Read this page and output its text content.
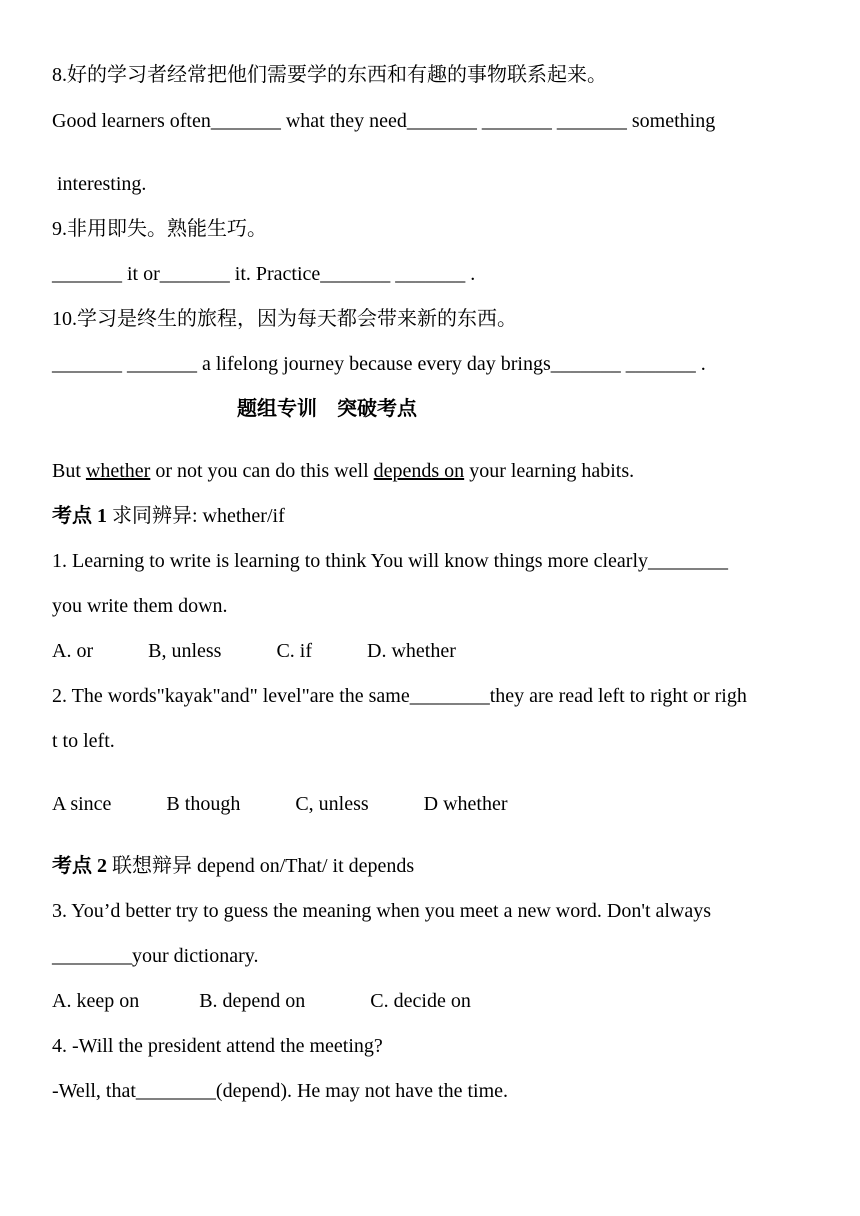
8.好的学习者经常把他们需要学的东西和有趣的事物联系起来。
Good learners often_______ what they need_______ _______ _______ something
interesting.
9.非用即失。熟能生巧。
_______ it or_______ it. Practice_______ _______ .
10.学习是终生的旅程，因为每天都会带来新的东西。
_______ _______ a lifelong journey because every day brings_______ _______ .
题组专训　突破考点
But whether or not you can do this well depends on your learning habits.
考点 1 求同辨异: whether/if
1. Learning to write is learning to think You will know things more clearly________
you write them down.
A. or           B, unless           C. if           D. whether
2. The words"kayak"and" level"are the same________they are read left to right or righ
t to left.
A since           B though           C, unless           D whether
考点 2 联想辩异 depend on/That/ it depends
3. You’d better try to guess the meaning when you meet a new word. Don't always
________your dictionary.
A. keep on            B. depend on             C. decide on
4. -Will the president attend the meeting?
-Well, that________(depend). He may not have the time.
